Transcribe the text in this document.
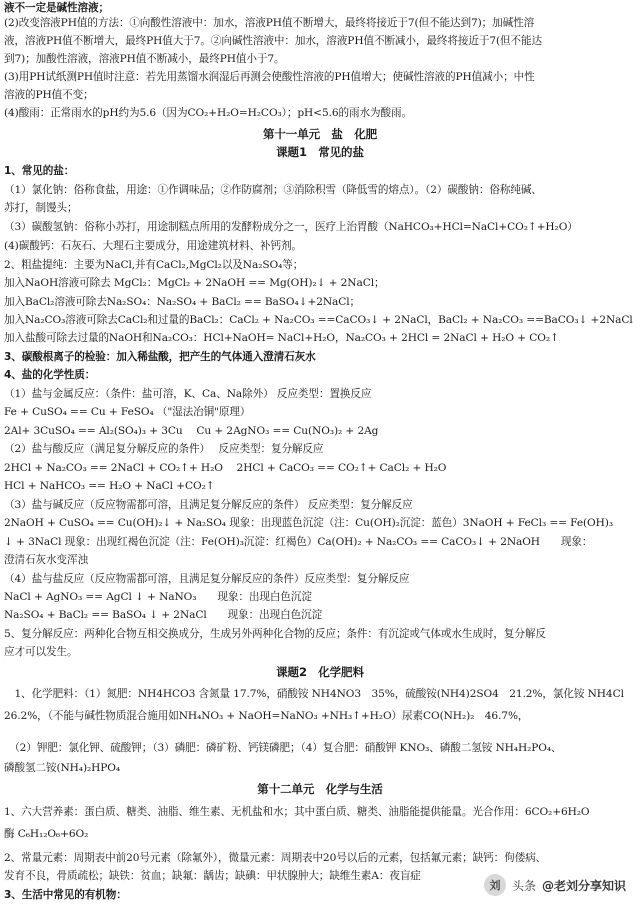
液不一定是碱性溶液；
(2)改变溶液PH值的方法：①向酸性溶液中：加水，溶液PH值不断增大，最终将接近于7(但不能达到7)；加碱性溶
液，溶液PH值不断增大，最终PH值大于7。②向碱性溶液中：加水，溶液PH值不断减小，最终将接近于7(但不能达
到7)；加酸性溶液，溶液PH值不断减小，最终PH值小于7。
(3)用PH试纸测PH值时注意：若先用蒸馏水润湿后再测会使酸性溶液的PH值增大；使碱性溶液的PH值减小；中性
溶液的PH值不变；
(4)酸雨：正常雨水的pH约为5.6（因为CO₂+H₂O=H₂CO₃）；pH<5.6的雨水为酸雨。
第十一单元　盐　化肥
课题1　常见的盐
1、常见的盐：
（1）氯化钠：俗称食盐，用途：①作调味品；②作防腐剂；③消除积雪（降低雪的熔点）。（2）碳酸钠：俗称纯碱、
苏打，制馒头；
（3）碳酸氢钠：俗称小苏打，用途制糕点所用的发酵粉成分之一，医疗上治胃酸（NaHCO₃+HCl=NaCl+CO₂↑+H₂O）
(4)碳酸钙：石灰石、大理石主要成分，用途建筑材料、补钙剂。
2、粗盐提纯：主要为NaCl,并有CaCl₂,MgCl₂以及Na₂SO₄等；
加入NaOH溶液可除去 MgCl₂：MgCl₂ + 2NaOH == Mg(OH)₂↓ + 2NaCl；
加入BaCl₂溶液可除去Na₂SO₄：Na₂SO₄ + BaCl₂ == BaSO₄↓+2NaCl；
加入Na₂CO₃溶液可除去CaCl₂和过量的BaCl₂：CaCl₂ + Na₂CO₃ ==CaCO₃↓ + 2NaCl，BaCl₂ + Na₂CO₃ ==BaCO₃↓ +2NaCl
加入盐酸可除去过量的NaOH和Na₂CO₃：HCl+NaOH= NaCl+H₂O，Na₂CO₃ + 2HCl = 2NaCl + H₂O + CO₂↑
3、碳酸根离子的检验：加入稀盐酸，把产生的气体通入澄清石灰水
4、盐的化学性质：
（1）盐与金属反应：（条件：盐可溶，K、Ca、Na除外） 反应类型：置换反应
Fe + CuSO₄ == Cu + FeSO₄ （"湿法冶铜"原理）
2Al+ 3CuSO₄ == Al₂(SO₄)₃ + 3Cu　 Cu + 2AgNO₃ == Cu(NO₃)₂ + 2Ag
（2）盐与酸反应（满足复分解反应的条件）　 反应类型：复分解反应
2HCl + Na₂CO₃ == 2NaCl + CO₂↑+ H₂O　 2HCl + CaCO₃ == CO₂↑+ CaCl₂ + H₂O
HCl + NaHCO₃ == H₂O + NaCl +CO₂↑
（3）盐与碱反应（反应物需都可溶，且满足复分解反应的条件） 反应类型：复分解反应
2NaOH + CuSO₄ == Cu(OH)₂↓ + Na₂SO₄ 现象：出现蓝色沉淀（注：Cu(OH)₂沉淀：蓝色）3NaOH + FeCl₃ == Fe(OH)₃
↓ + 3NaCl 现象：出现红褐色沉淀（注：Fe(OH)₃沉淀：红褐色）Ca(OH)₂ + Na₂CO₃ == CaCO₃↓ + 2NaOH　　现象：
澄清石灰水变浑浊
（4）盐与盐反应（反应物需都可溶，且满足复分解反应的条件）反应类型：复分解反应
NaCl + AgNO₃ == AgCl ↓ + NaNO₃　　现象：出现白色沉淀
Na₂SO₄ + BaCl₂ == BaSO₄ ↓ + 2NaCl　　现象：出现白色沉淀
5、复分解反应：两种化合物互相交换成分，生成另外两种化合物的反应；条件：有沉淀或气体或水生成时，复分解反
应才可以发生。
课题2　化学肥料
　1、化学肥料：（1）氮肥：NH4HCO3 含氮量 17.7%，硝酸铵 NH4NO3　35%，硫酸铵(NH4)2SO4　21.2%，氯化铵 NH4Cl
26.2%，（不能与碱性物质混合施用如NH₄NO₃ + NaOH=NaNO₃ +NH₃↑+H₂O）尿素CO(NH₂)₂　46.7%，
　（2）钾肥：氯化钾、硫酸钾；（3）磷肥：磷矿粉、钙镁磷肥；（4）复合肥：硝酸钾 KNO₃、磷酸二氢铵 NH₄H₂PO₄、
磷酸氢二铵(NH₄)₂HPO₄
第十二单元　化学与生活
1、六大营养素：蛋白质、糖类、油脂、维生素、无机盐和水；其中蛋白质、糖类、油脂能提供能量。光合作用：6CO₂+6H₂O
酶 C₆H₁₂O₆+6O₂
2、常量元素：周期表中前20号元素（除氟外），微量元素：周期表中20号以后的元素，包括氟元素；缺钙：佝偻病、
发育不良，骨质疏松；缺铁：贫血；缺氟：龋齿；缺碘：甲状腺肿大；缺维生素A：夜盲症
3、生活中常见的有机物：
刘 头条 @老刘分享知识
